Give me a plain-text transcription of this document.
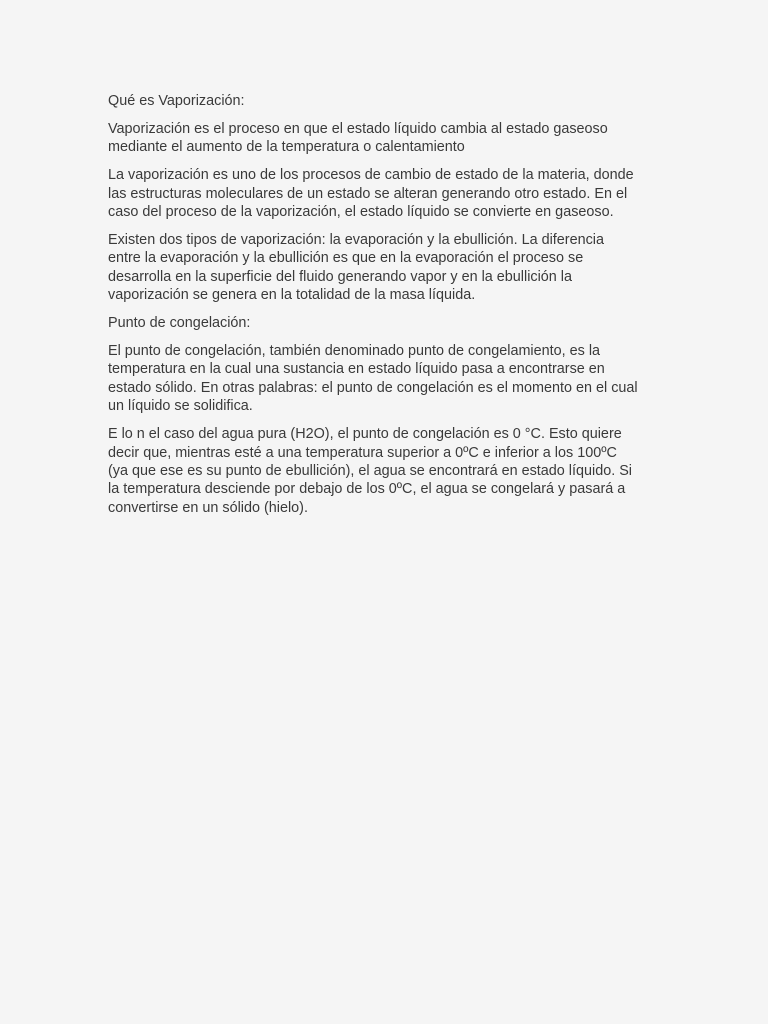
Qué es Vaporización:

Vaporización es el proceso en que el estado líquido cambia al estado gaseoso
mediante el aumento de la temperatura o calentamiento

La vaporización es uno de los procesos de cambio de estado de la materia, donde
las estructuras moleculares de un estado se alteran generando otro estado. En el
caso del proceso de la vaporización, el estado líquido se convierte en gaseoso.

Existen dos tipos de vaporización: la evaporación y la ebullición. La diferencia
entre la evaporación y la ebullición es que en la evaporación el proceso se
desarrolla en la superficie del fluido generando vapor y en la ebullición la
vaporización se genera en la totalidad de la masa líquida.

Punto de congelación:

El punto de congelación, también denominado punto de congelamiento, es la
temperatura en la cual una sustancia en estado líquido pasa a encontrarse en
estado sólido. En otras palabras: el punto de congelación es el momento en el cual
un líquido se solidifica.

E lo n el caso del agua pura (H2O), el punto de congelación es 0 °C. Esto quiere
decir que, mientras esté a una temperatura superior a 0ºC e inferior a los 100ºC
(ya que ese es su punto de ebullición), el agua se encontrará en estado líquido. Si
la temperatura desciende por debajo de los 0ºC, el agua se congelará y pasará a
convertirse en un sólido (hielo).
